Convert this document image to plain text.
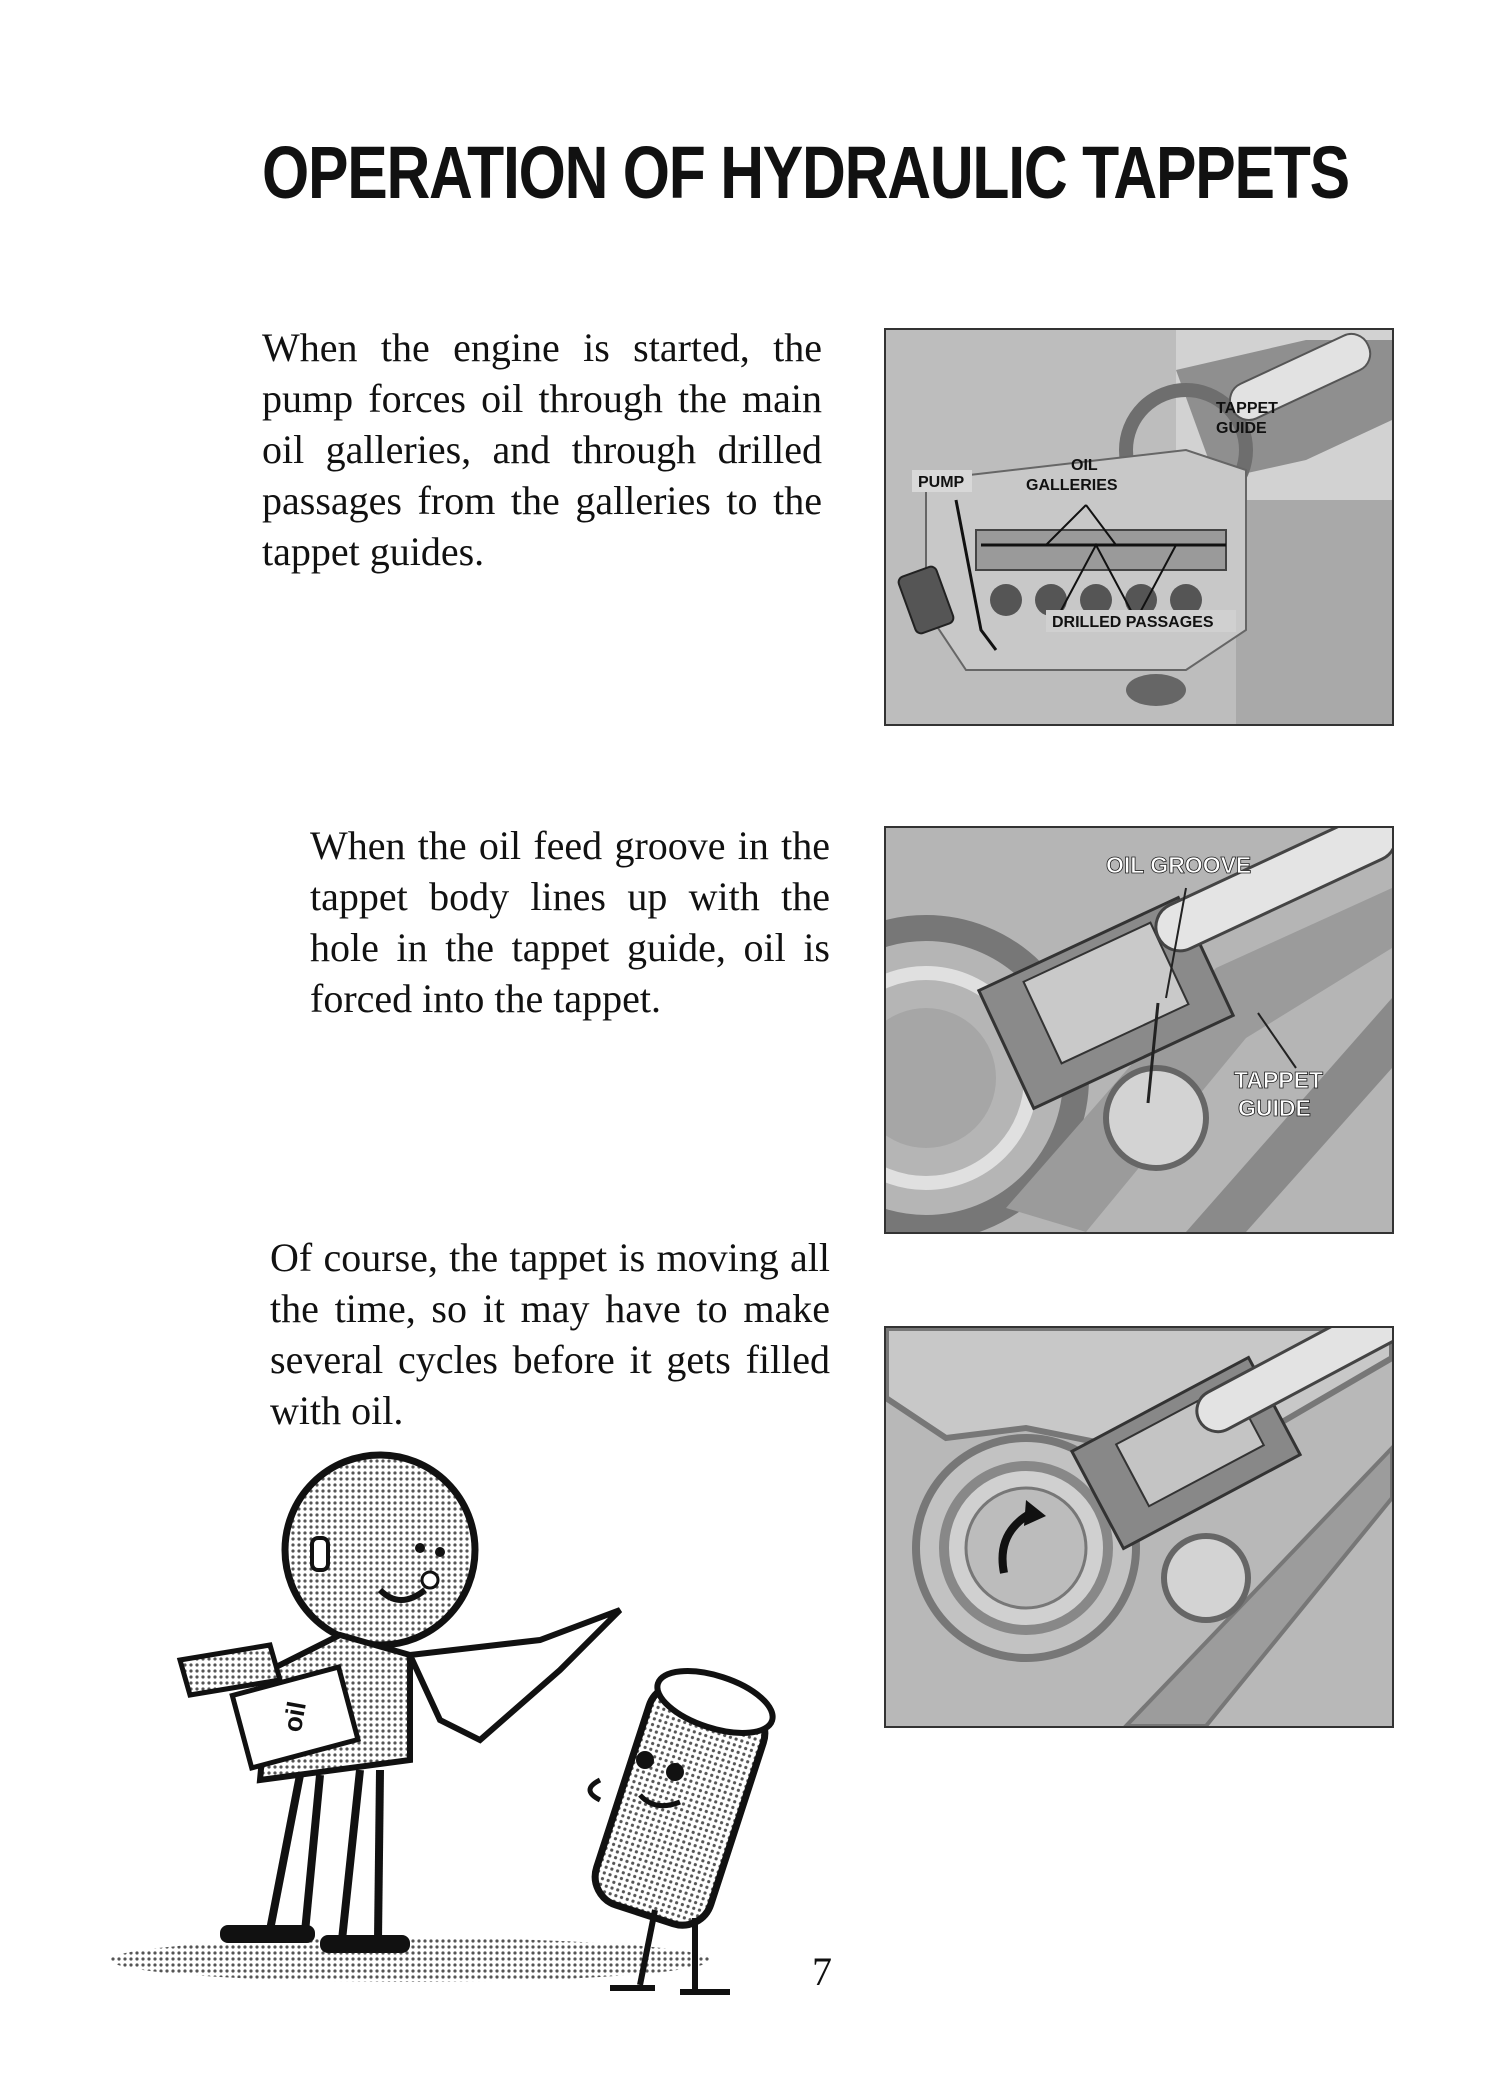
OPERATION OF HYDRAULIC TAPPETS

When the engine is started, the pump forces oil through the main oil galleries, and through drilled passages from the galleries to the tappet guides.

When the oil feed groove in the tappet body lines up with the hole in the tappet guide, oil is forced into the tappet.

Of course, the tappet is moving all the time, so it may have to make several cycles before it gets filled with oil.

PUMP
OIL
GALLERIES
DRILLED PASSAGES
TAPPET
GUIDE
OIL GROOVE
TAPPET
GUIDE
oil

7
